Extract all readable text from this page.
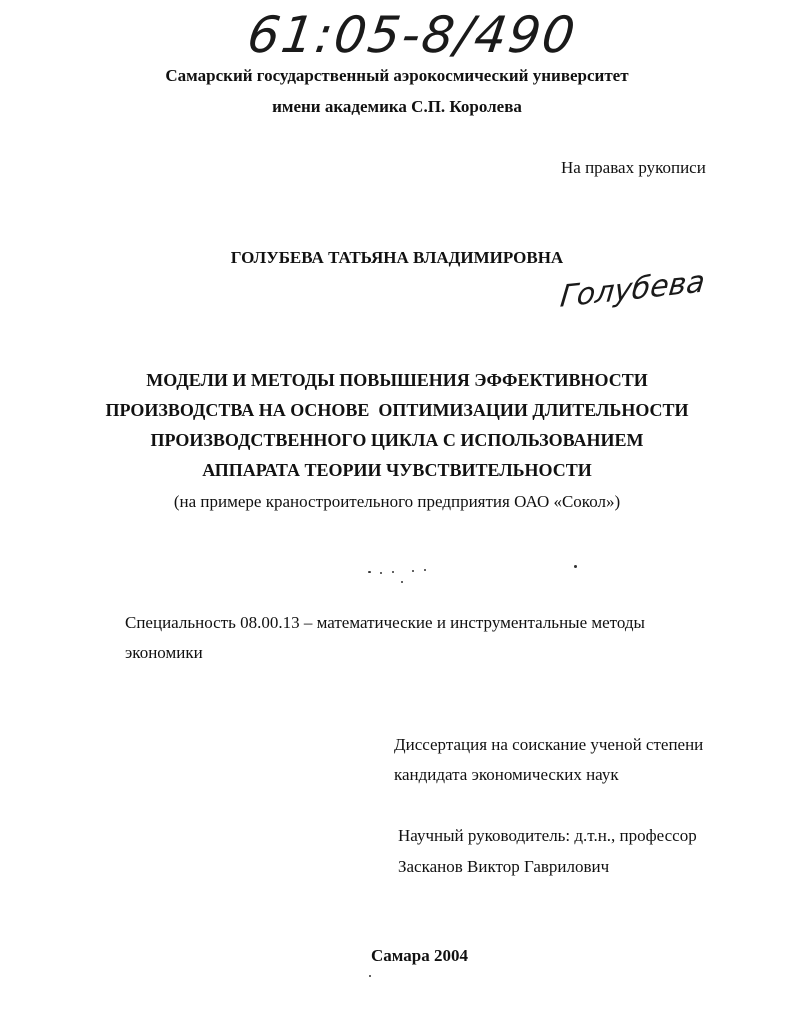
61:05-8/490
Самарский государственный аэрокосмический университет
имени академика С.П. Королева
На правах рукописи
ГОЛУБЕВА ТАТЬЯНА ВЛАДИМИРОВНА
Голубева
МОДЕЛИ И МЕТОДЫ ПОВЫШЕНИЯ ЭФФЕКТИВНОСТИ
ПРОИЗВОДСТВА НА ОСНОВЕ  ОПТИМИЗАЦИИ ДЛИТЕЛЬНОСТИ
ПРОИЗВОДСТВЕННОГО ЦИКЛА С ИСПОЛЬЗОВАНИЕМ
АППАРАТА ТЕОРИИ ЧУВСТВИТЕЛЬНОСТИ
(на примере краностроительного предприятия ОАО «Сокол»)
Специальность 08.00.13 – математические и инструментальные методы
экономики
Диссертация на соискание ученой степени
кандидата экономических наук
Научный руководитель: д.т.н., профессор
Засканов Виктор Гаврилович
Самара 2004
